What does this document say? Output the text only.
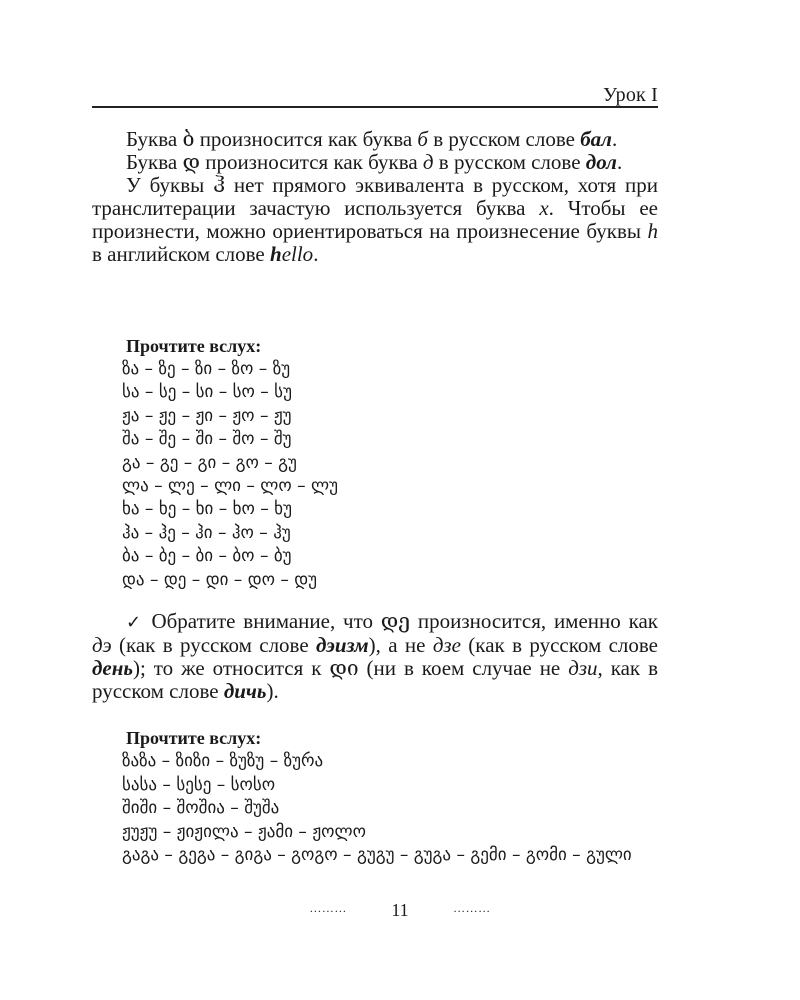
Урок I

Буква ბ произносится как буква б в русском слове бал.

Буква დ произносится как буква д в русском слове дол.

У буквы ჰ нет прямого эквивалента в русском, хотя при транслитерации зачастую используется буква х. Чтобы ее произнести, можно ориентироваться на произнесение буквы h в английском слове hello.

Прочтите вслух:
ზა – ზე – ზი – ზო – ზუ
სა – სე – სი – სო – სუ
ჟა – ჟე – ჟი – ჟო – ჟუ
შა – შე – ში – შო – შუ
გა – გე – გი – გო – გუ
ლა – ლე – ლი – ლო – ლუ
ხა – ხე – ხი – ხო – ხუ
ჰა – ჰე – ჰი – ჰო – ჰუ
ბა – ბე – ბი – ბო – ბუ
და – დე – დი – დო – დუ

✓ Обратите внимание, что დე произносится, именно как дэ (как в русском слове дэизм), а не дзе (как в русском слове день); то же относится к დი (ни в коем случае не дзи, как в русском слове дичь).

Прочтите вслух:
ზაზა – ზიზი – ზუზუ – ზურა
სასა – სესე – სოსო
შიში – შოშია – შუშა
ჟუჟუ – ჟიჟილა – ჟამი – ჟოლო
გაგა – გეგა – გიგა – გოგო – გუგუ – გუგა – გემი – გომი – გული
……… 11	………
